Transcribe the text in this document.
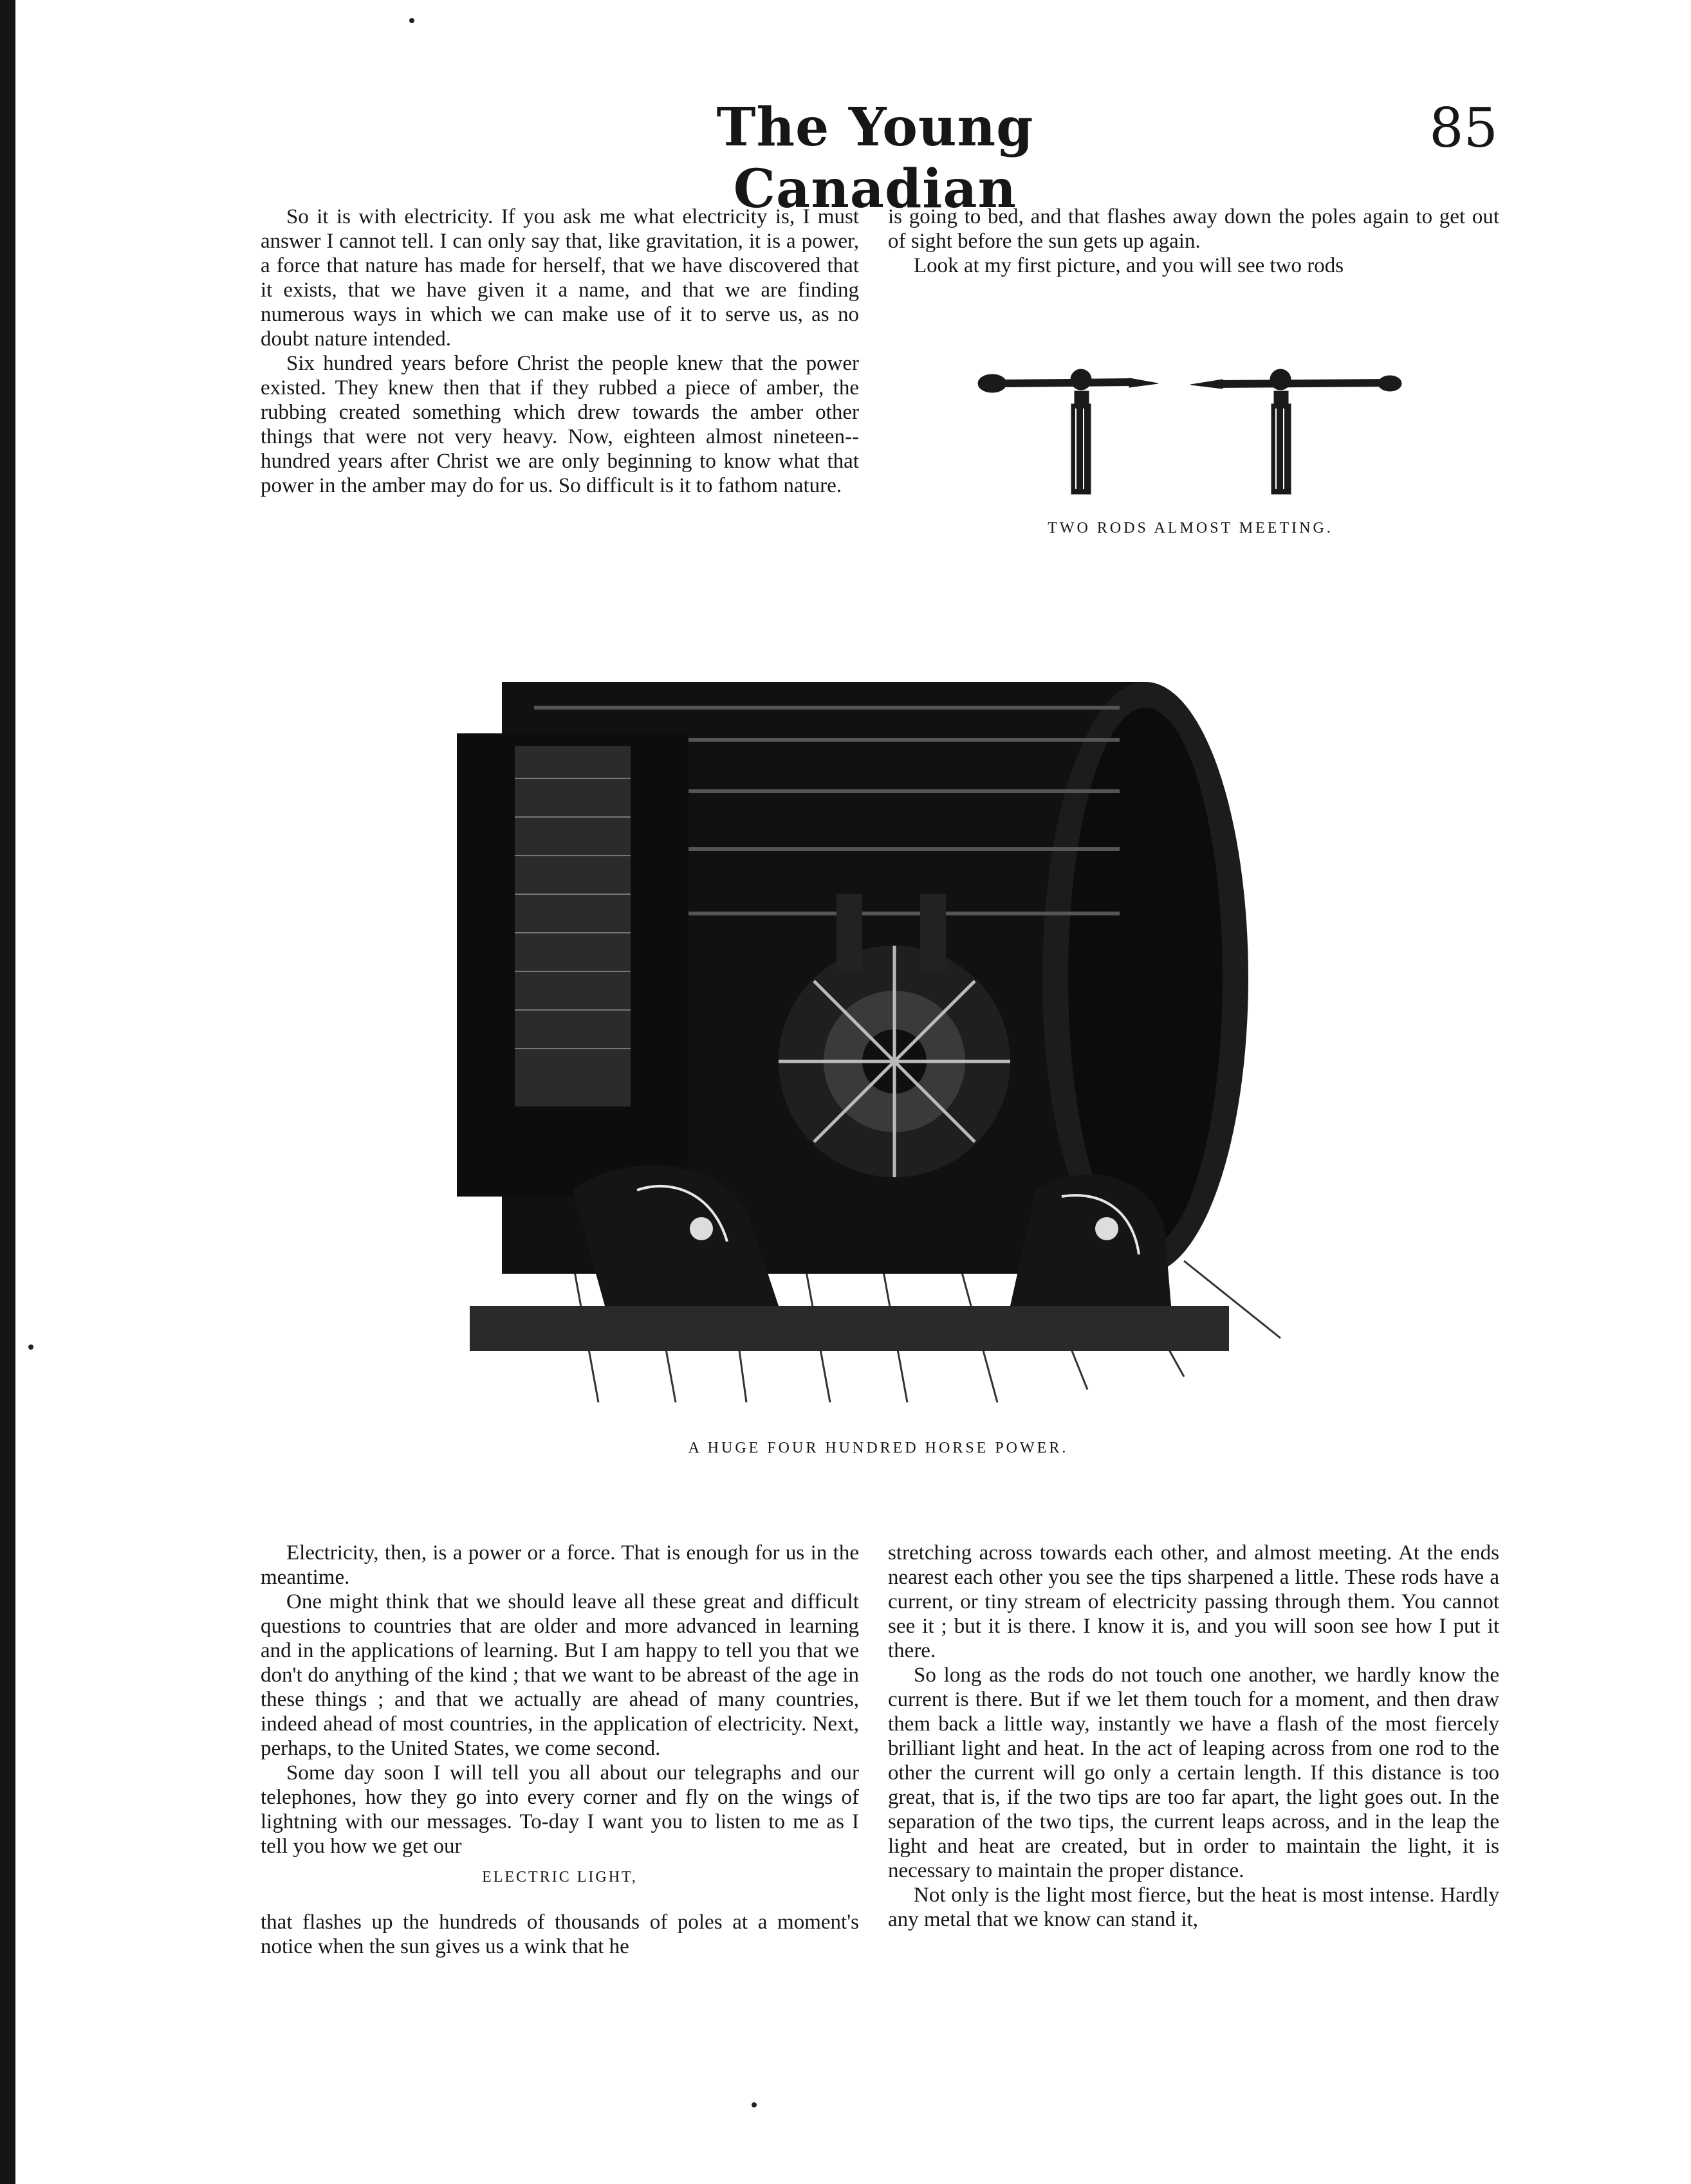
The Young Canadian
85

So it is with electricity. If you ask me what electricity is, I must answer I cannot tell. I can only say that, like gravitation, it is a power, a force that nature has made for herself, that we have discovered that it exists, that we have given it a name, and that we are finding numerous ways in which we can make use of it to serve us, as no doubt nature intended.

Six hundred years before Christ the people knew that the power existed. They knew then that if they rubbed a piece of amber, the rubbing created something which drew towards the amber other things that were not very heavy. Now, eighteen almost nineteen-- hundred years after Christ we are only beginning to know what that power in the amber may do for us. So difficult is it to fathom nature.

is going to bed, and that flashes away down the poles again to get out of sight before the sun gets up again.

Look at my first picture, and you will see two rods

TWO RODS ALMOST MEETING.
A HUGE FOUR HUNDRED HORSE POWER.

Electricity, then, is a power or a force. That is enough for us in the meantime.

One might think that we should leave all these great and difficult questions to countries that are older and more advanced in learning and in the applications of learning. But I am happy to tell you that we don't do anything of the kind ; that we want to be abreast of the age in these things ; and that we actually are ahead of many countries, indeed ahead of most countries, in the application of electricity. Next, perhaps, to the United States, we come second.

Some day soon I will tell you all about our telegraphs and our telephones, how they go into every corner and fly on the wings of lightning with our messages. To-day I want you to listen to me as I tell you how we get our

ELECTRIC LIGHT,

that flashes up the hundreds of thousands of poles at a moment's notice when the sun gives us a wink that he

stretching across towards each other, and almost meeting. At the ends nearest each other you see the tips sharpened a little. These rods have a current, or tiny stream of electricity passing through them. You cannot see it ; but it is there. I know it is, and you will soon see how I put it there.

So long as the rods do not touch one another, we hardly know the current is there. But if we let them touch for a moment, and then draw them back a little way, instantly we have a flash of the most fiercely brilliant light and heat. In the act of leaping across from one rod to the other the current will go only a certain length. If this distance is too great, that is, if the two tips are too far apart, the light goes out. In the separation of the two tips, the current leaps across, and in the leap the light and heat are created, but in order to maintain the light, it is necessary to maintain the proper distance.

Not only is the light most fierce, but the heat is most intense. Hardly any metal that we know can stand it,
